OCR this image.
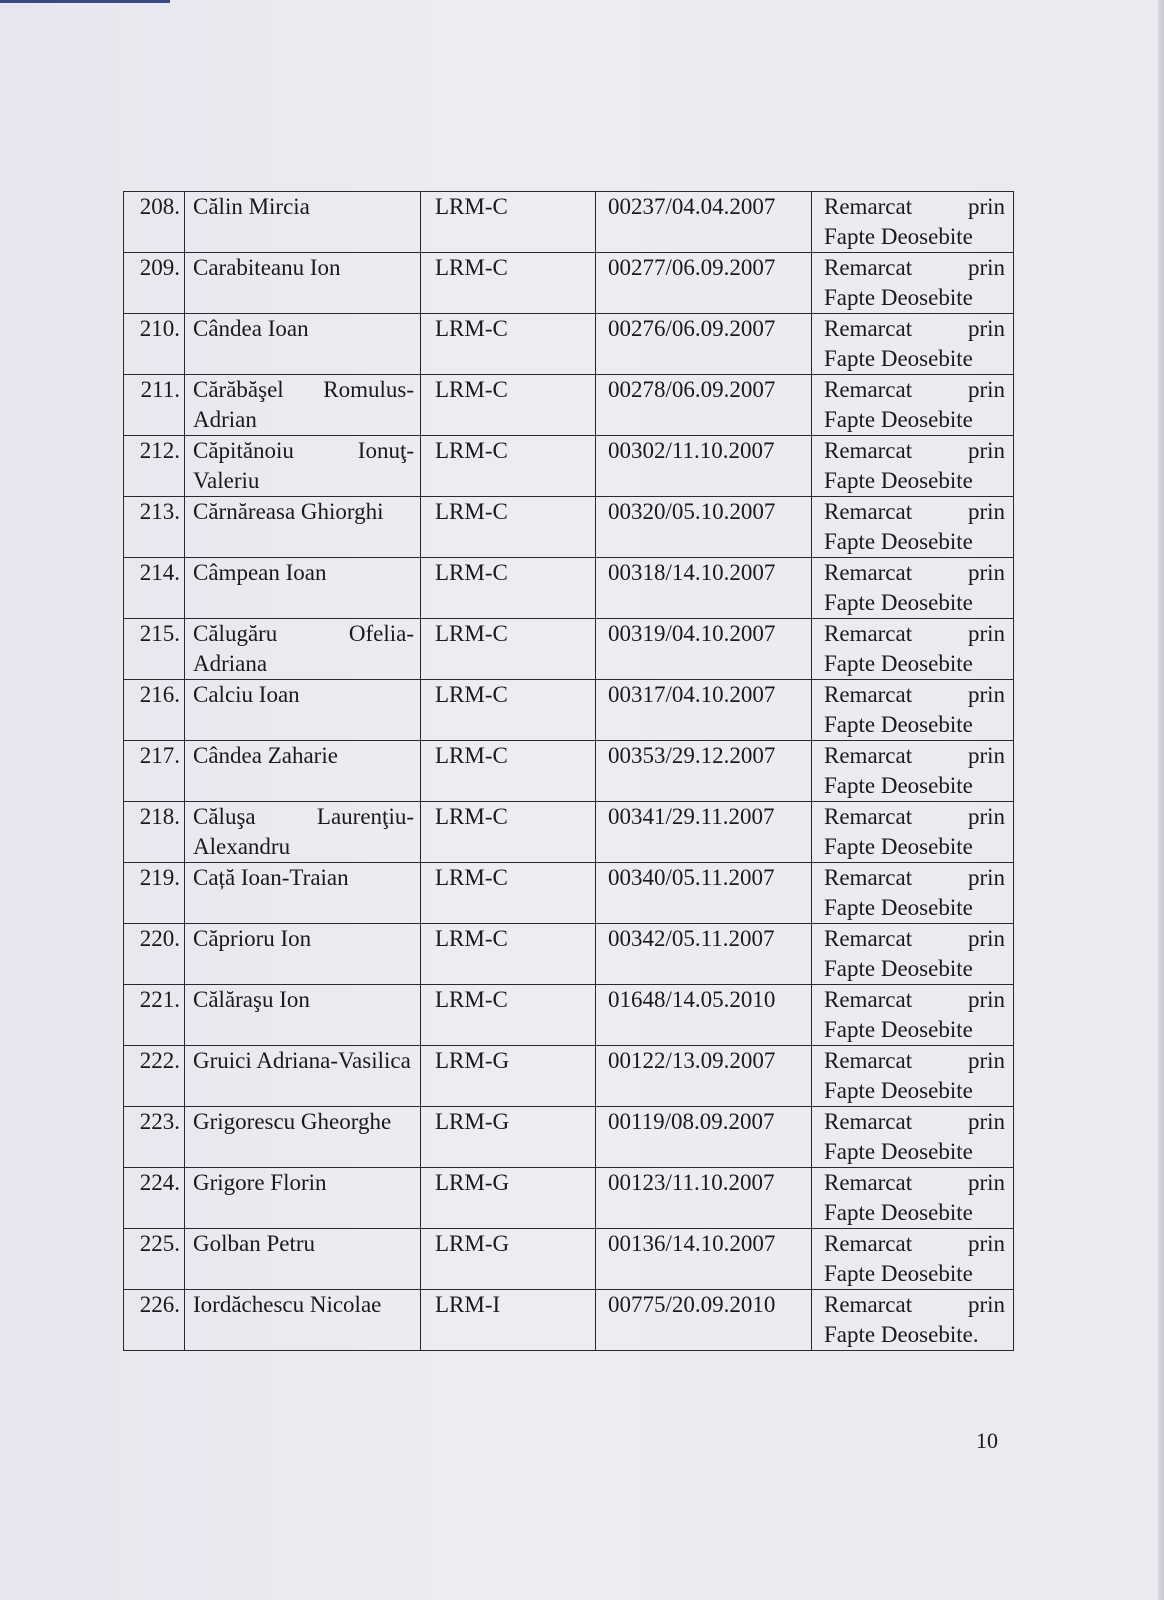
208.	Călin Mircia	LRM-C	00237/04.04.2007	Remarcat prin
Fapte Deosebite

209.	Carabiteanu Ion	LRM-C	00277/06.09.2007	Remarcat prin
Fapte Deosebite

210.	Cândea Ioan	LRM-C	00276/06.09.2007	Remarcat prin
Fapte Deosebite

211.	Cărăbăşel Romulus-Adrian	LRM-C	00278/06.09.2007	Remarcat prin
Fapte Deosebite

212.	Căpitănoiu Ionuţ-Valeriu	LRM-C	00302/11.10.2007	Remarcat prin
Fapte Deosebite

213.	Cărnăreasa Ghiorghi	LRM-C	00320/05.10.2007	Remarcat prin
Fapte Deosebite

214.	Câmpean Ioan	LRM-C	00318/14.10.2007	Remarcat prin
Fapte Deosebite

215.	Călugăru Ofelia-Adriana	LRM-C	00319/04.10.2007	Remarcat prin
Fapte Deosebite

216.	Calciu Ioan	LRM-C	00317/04.10.2007	Remarcat prin
Fapte Deosebite

217.	Cândea Zaharie	LRM-C	00353/29.12.2007	Remarcat prin
Fapte Deosebite

218.	Căluşa Laurenţiu-Alexandru	LRM-C	00341/29.11.2007	Remarcat prin
Fapte Deosebite

219.	Cață Ioan-Traian	LRM-C	00340/05.11.2007	Remarcat prin
Fapte Deosebite

220.	Căprioru Ion	LRM-C	00342/05.11.2007	Remarcat prin
Fapte Deosebite

221.	Călăraşu Ion	LRM-C	01648/14.05.2010	Remarcat prin
Fapte Deosebite

222.	Gruici Adriana-Vasilica	LRM-G	00122/13.09.2007	Remarcat prin
Fapte Deosebite

223.	Grigorescu Gheorghe	LRM-G	00119/08.09.2007	Remarcat prin
Fapte Deosebite

224.	Grigore Florin	LRM-G	00123/11.10.2007	Remarcat prin
Fapte Deosebite

225.	Golban Petru	LRM-G	00136/14.10.2007	Remarcat prin
Fapte Deosebite

226.	Iordăchescu Nicolae	LRM-I	00775/20.09.2010	Remarcat prin
Fapte Deosebite.
10
